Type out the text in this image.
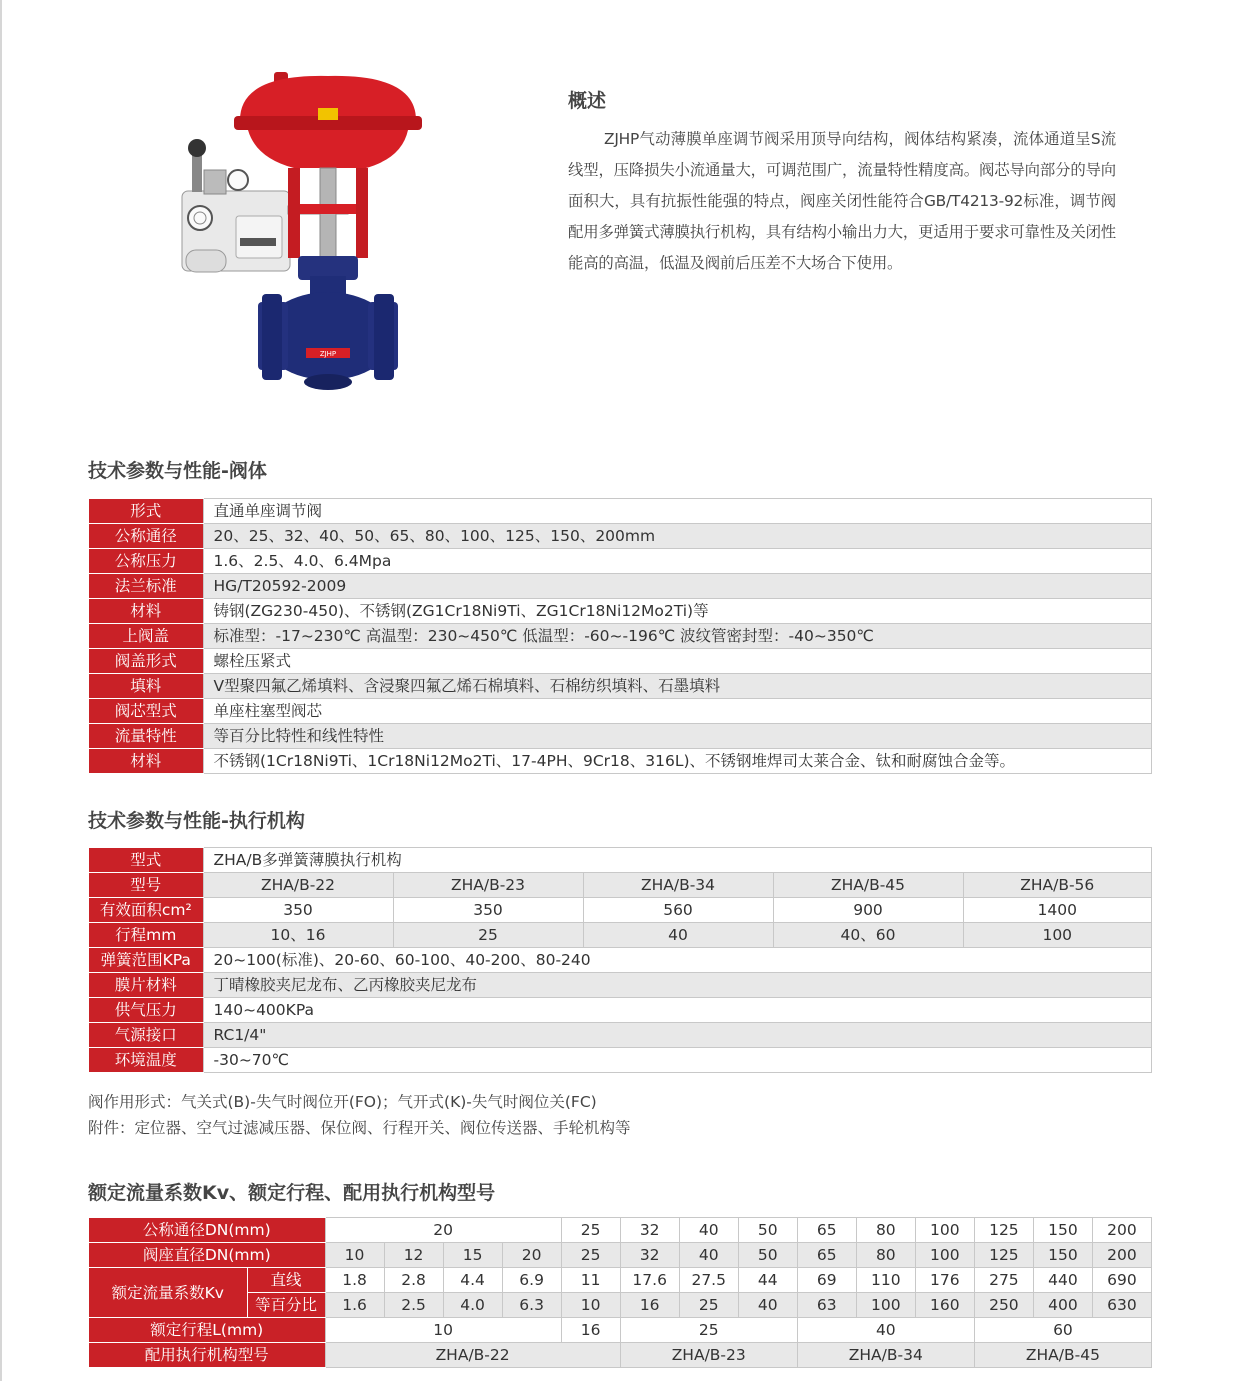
ZJHP
概述
ZJHP气动薄膜单座调节阀采用顶导向结构，阀体结构紧凑，流体通道呈S流线型，压降损失小流通量大，可调范围广，流量特性精度高。阀芯导向部分的导向面积大，具有抗振性能强的特点，阀座关闭性能符合GB/T4213-92标准，调节阀配用多弹簧式薄膜执行机构，具有结构小输出力大，更适用于要求可靠性及关闭性能高的高温，低温及阀前后压差不大场合下使用。
技术参数与性能-阀体
形式	直通单座调节阀
公称通径	20、25、32、40、50、65、80、100、125、150、200mm
公称压力	1.6、2.5、4.0、6.4Mpa
法兰标准	HG/T20592-2009
材料	铸钢(ZG230-450)、不锈钢(ZG1Cr18Ni9Ti、ZG1Cr18Ni12Mo2Ti)等
上阀盖	标准型：-17~230℃ 高温型：230~450℃ 低温型：-60~-196℃ 波纹管密封型：-40~350℃
阀盖形式	螺栓压紧式
填料	V型聚四氟乙烯填料、含浸聚四氟乙烯石棉填料、石棉纺织填料、石墨填料
阀芯型式	单座柱塞型阀芯
流量特性	等百分比特性和线性特性
材料	不锈钢(1Cr18Ni9Ti、1Cr18Ni12Mo2Ti、17-4PH、9Cr18、316L)、不锈钢堆焊司太莱合金、钛和耐腐蚀合金等。
技术参数与性能-执行机构
型式	ZHA/B多弹簧薄膜执行机构				
型号	ZHA/B-22	ZHA/B-23	ZHA/B-34	ZHA/B-45	ZHA/B-56
有效面积cm²	350	350	560	900	1400
行程mm	10、16	25	40	40、60	100
弹簧范围KPa	20~100(标准)、20-60、60-100、40-200、80-240				
膜片材料	丁晴橡胶夹尼龙布、乙丙橡胶夹尼龙布				
供气压力	140~400KPa				
气源接口	RC1/4"				
环境温度	-30~70℃				
阀作用形式：气关式(B)-失气时阀位开(FO)；气开式(K)-失气时阀位关(FC)
附件：定位器、空气过滤减压器、保位阀、行程开关、阀位传送器、手轮机构等
额定流量系数Kv、额定行程、配用执行机构型号
公称通径DN(mm)		20				25	32	40	50	65	80	100	125	150	200
阀座直径DN(mm)		10	12	15	20	25	32	40	50	65	80	100	125	150	200
额定流量系数Kv	直线	1.8	2.8	4.4	6.9	11	17.6	27.5	44	69	110	176	275	440	690
	等百分比	1.6	2.5	4.0	6.3	10	16	25	40	63	100	160	250	400	630
额定行程L(mm)		10				16	25			40			60		
配用执行机构型号		ZHA/B-22					ZHA/B-23			ZHA/B-34			ZHA/B-45		
